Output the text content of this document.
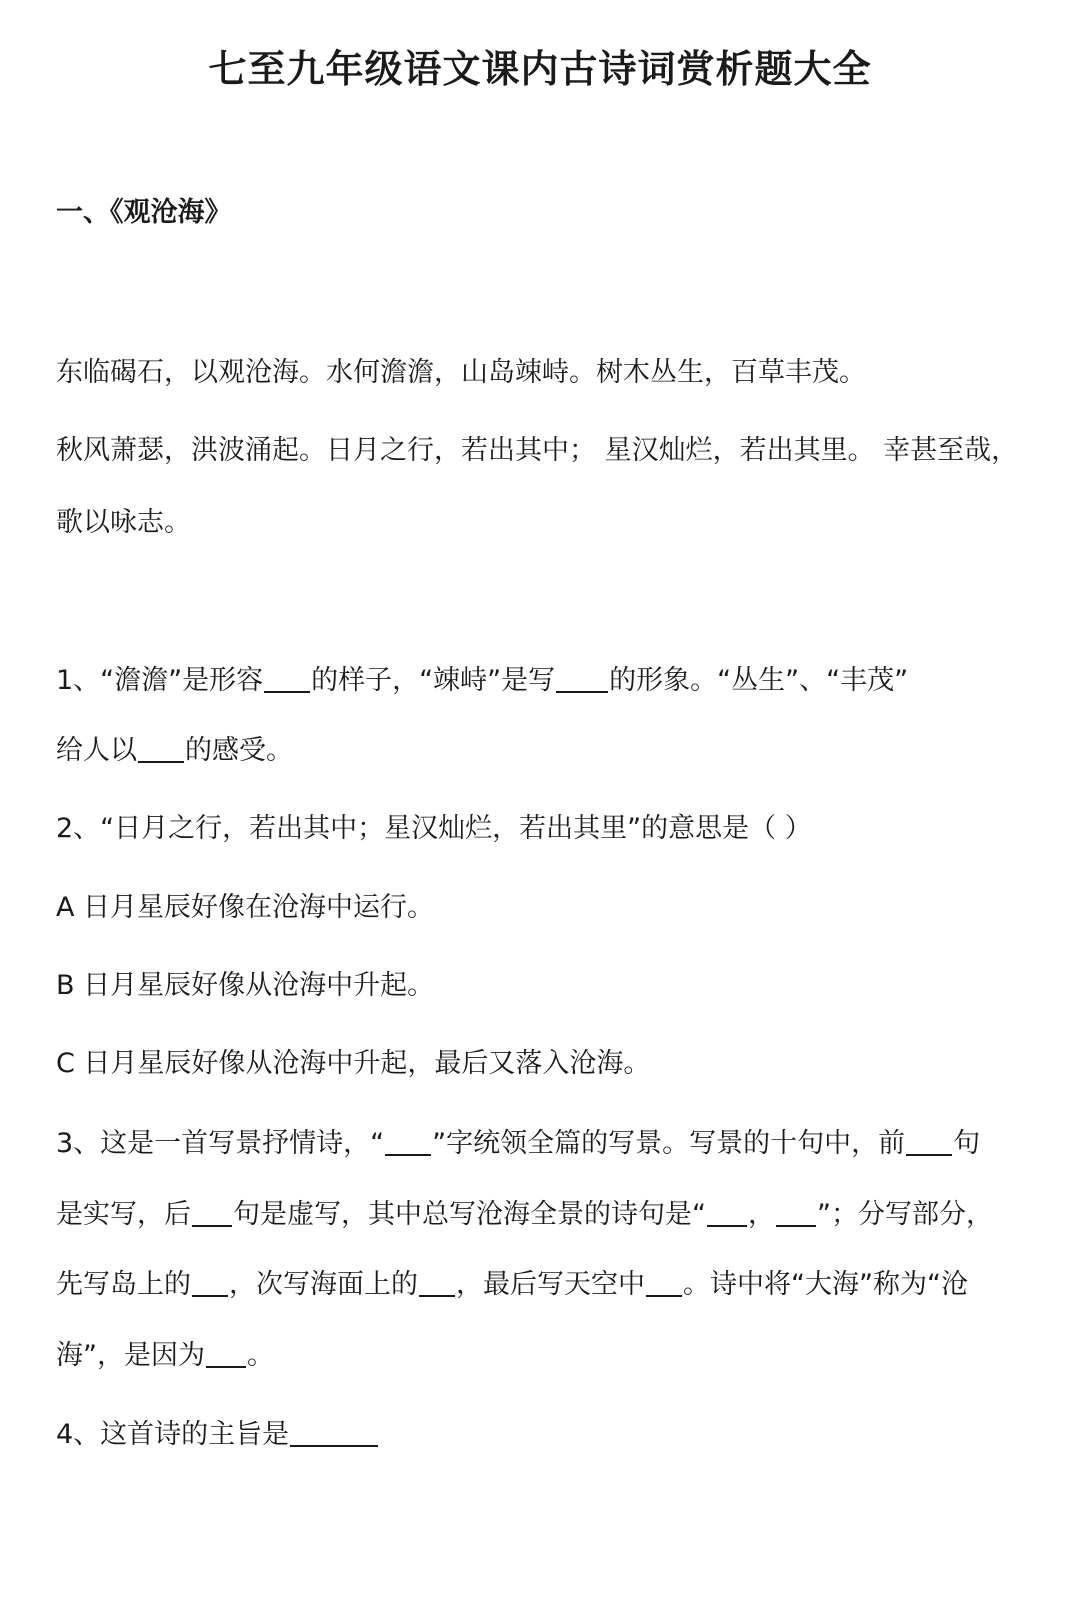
七至九年级语文课内古诗词赏析题大全
一、《观沧海》

东临碣石，以观沧海。水何澹澹，山岛竦峙。树木丛生，百草丰茂。

秋风萧瑟，洪波涌起。日月之行，若出其中； 星汉灿烂，若出其里。 幸甚至哉，

歌以咏志。

1、“澹澹”是形容 的样子，“竦峙”是写 的形象。“丛生”、“丰茂”

给人以 的感受。

2、“日月之行，若出其中；星汉灿烂，若出其里”的意思是（ ）

A 日月星辰好像在沧海中运行。

B 日月星辰好像从沧海中升起。

C 日月星辰好像从沧海中升起，最后又落入沧海。

3、这是一首写景抒情诗，“ ”字统领全篇的写景。写景的十句中，前 句

是实写，后 句是虚写，其中总写沧海全景的诗句是“ ， ”；分写部分，

先写岛上的 ，次写海面上的 ，最后写天空中 。诗中将“大海”称为“沧

海”，是因为 。

4、这首诗的主旨是
